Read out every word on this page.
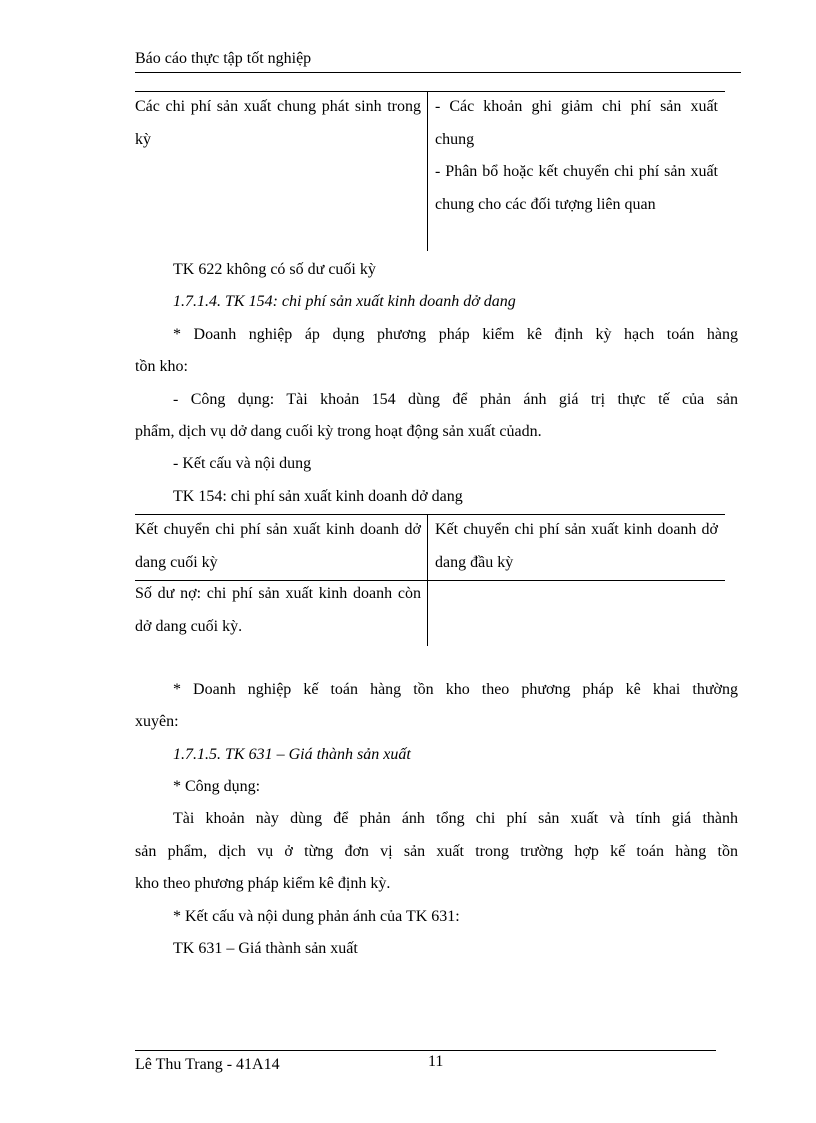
Báo cáo thực tập tốt nghiệp
Các chi phí sản xuất chung phát sinh trong kỳ
- Các khoản ghi giảm chi phí sản xuất chung
- Phân bổ hoặc kết chuyển chi phí sản xuất chung cho các đối tượng liên quan
TK 622 không có số dư cuối kỳ
1.7.1.4. TK 154: chi phí sản xuất kinh doanh dở dang
* Doanh nghiệp áp dụng phương pháp kiểm kê định kỳ hạch toán hàng
tồn kho:
- Công dụng: Tài khoản 154 dùng để phản ánh giá trị thực tế của sản
phẩm, dịch vụ dở dang cuối kỳ trong hoạt động sản xuất củadn.
- Kết cấu và nội dung
TK 154: chi phí sản xuất kinh doanh dở dang
Kết chuyển chi phí sản xuất kinh doanh dở dang cuối kỳ
Kết chuyển chi phí sản xuất kinh doanh dở dang đầu kỳ
Số dư nợ: chi phí sản xuất kinh doanh còn dở dang cuối kỳ.
* Doanh nghiệp kế toán hàng tồn kho theo phương pháp kê khai thường
xuyên:
1.7.1.5. TK 631 – Giá thành sản xuất
* Công dụng:
Tài khoản này dùng để phản ánh tổng chi phí sản xuất và tính giá thành
sản phẩm, dịch vụ ở từng đơn vị sản xuất trong trường hợp kế toán hàng tồn
kho theo phương pháp kiểm kê định kỳ.
* Kết cấu và nội dung phản ánh của TK 631:
TK 631 – Giá thành sản xuất
Lê Thu Trang - 41A14	11
